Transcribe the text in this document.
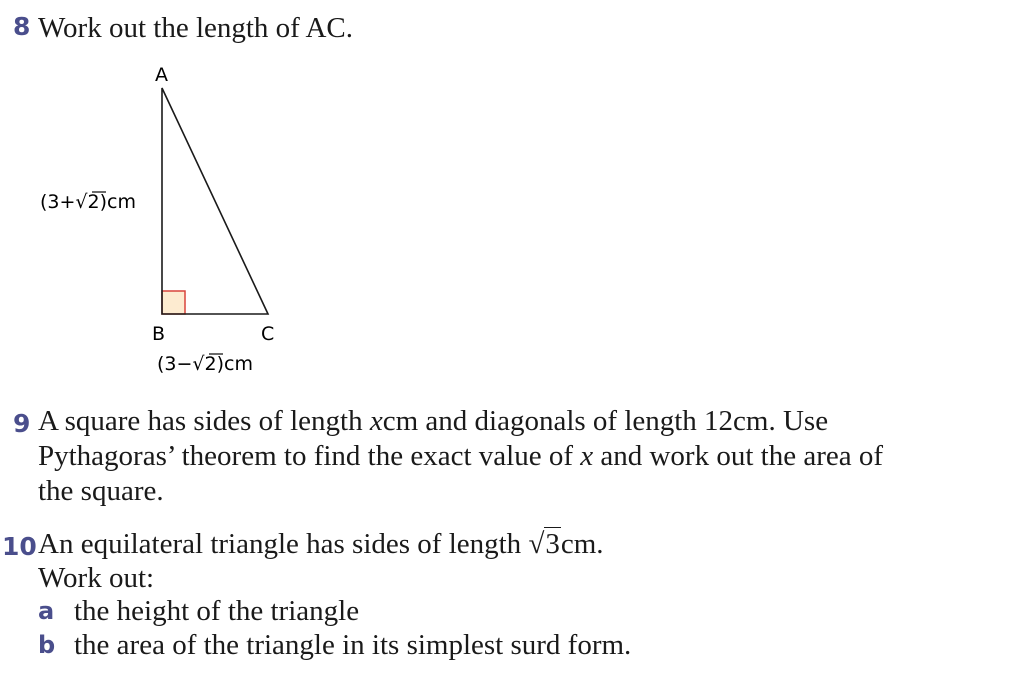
8 Work out the length of AC.
A
B	C
(3+√2)cm
(3−√2)cm
9 A square has sides of length xcm and diagonals of length 12cm. Use
Pythagoras’ theorem to find the exact value of x and work out the area of
the square.
10 An equilateral triangle has sides of length √3cm.
Work out:
a the height of the triangle
b the area of the triangle in its simplest surd form.
